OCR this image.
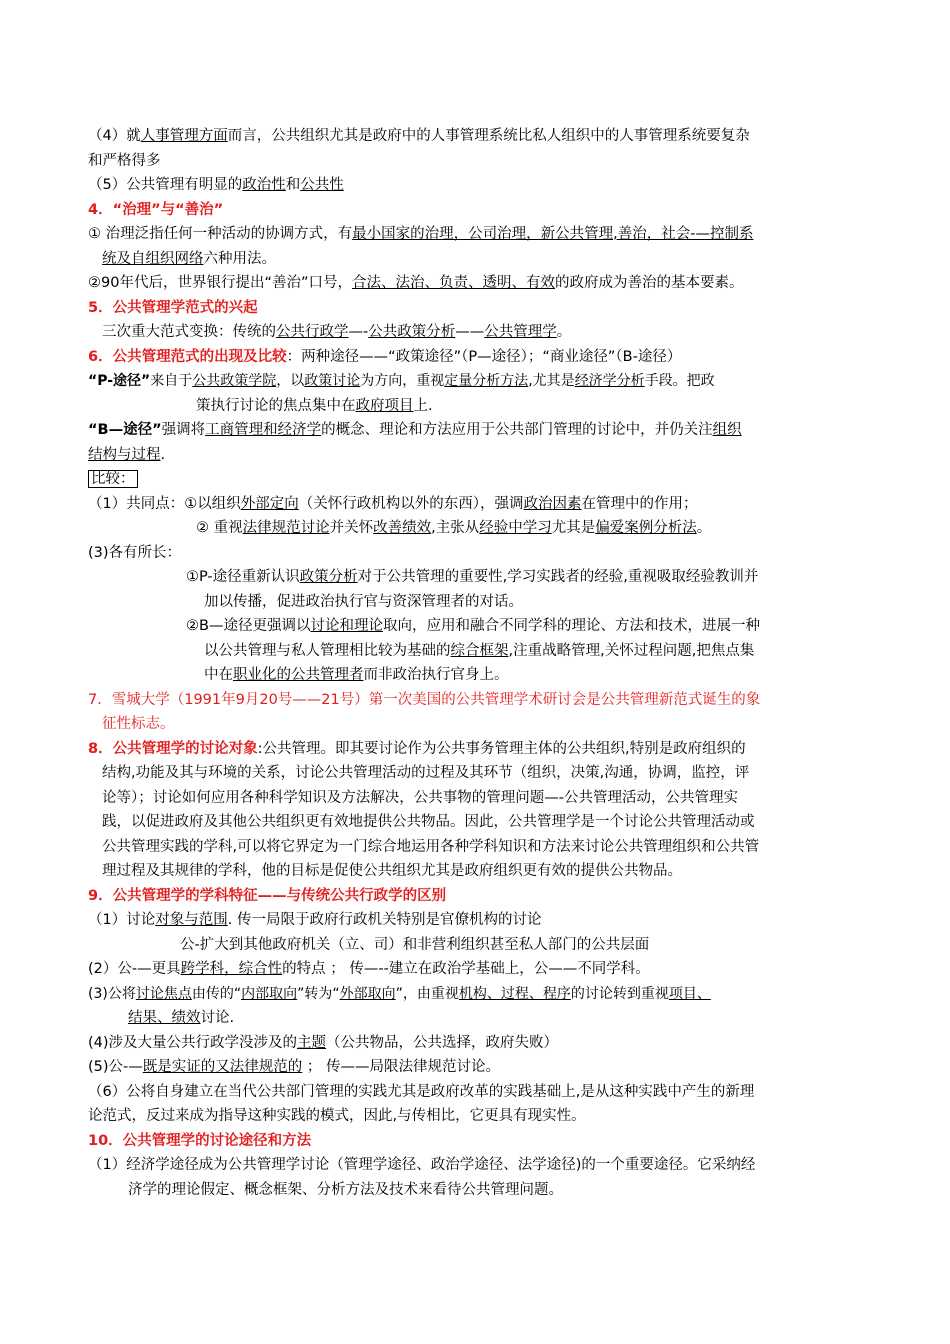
（4）就人事管理方面而言，公共组织尤其是政府中的人事管理系统比私人组织中的人事管理系统要复杂
和严格得多
（5）公共管理有明显的政治性和公共性
4．“治理”与“善治”
① 治理泛指任何一种活动的协调方式，有最小国家的治理，公司治理，新公共管理,善治，社会-—控制系
统及自组织网络六种用法。
②90年代后，世界银行提出“善治”口号，合法、法治、负责、透明、有效的政府成为善治的基本要素。
5．公共管理学范式的兴起
三次重大范式变换：传统的公共行政学—-公共政策分析——公共管理学。
6．公共管理范式的出现及比较：两种途径——“政策途径”（P—途径）；“商业途径”（B-途径）
“P-途径”来自于公共政策学院，以政策讨论为方向，重视定量分析方法,尤其是经济学分析手段。把政
策执行讨论的焦点集中在政府项目上.
“B—途径”强调将工商管理和经济学的概念、理论和方法应用于公共部门管理的讨论中，并仍关注组织
结构与过程.
比较：
（1）共同点：①以组织外部定向（关怀行政机构以外的东西），强调政治因素在管理中的作用；
② 重视法律规范讨论并关怀改善绩效,主张从经验中学习尤其是偏爱案例分析法。
(3)各有所长：
①P-途径重新认识政策分析对于公共管理的重要性,学习实践者的经验,重视吸取经验教训并
加以传播，促进政治执行官与资深管理者的对话。
②B—途径更强调以讨论和理论取向，应用和融合不同学科的理论、方法和技术，进展一种
以公共管理与私人管理相比较为基础的综合框架,注重战略管理,关怀过程问题,把焦点集
中在职业化的公共管理者而非政治执行官身上。
7．雪城大学（1991年9月20号——21号）第一次美国的公共管理学术研讨会是公共管理新范式诞生的象
征性标志。
8．公共管理学的讨论对象:公共管理。即其要讨论作为公共事务管理主体的公共组织,特别是政府组织的
结构,功能及其与环境的关系，讨论公共管理活动的过程及其环节（组织，决策,沟通，协调，监控，评
论等）；讨论如何应用各种科学知识及方法解决，公共事物的管理问题—-公共管理活动，公共管理实
践，以促进政府及其他公共组织更有效地提供公共物品。因此，公共管理学是一个讨论公共管理活动或
公共管理实践的学科,可以将它界定为一门综合地运用各种学科知识和方法来讨论公共管理组织和公共管
理过程及其规律的学科，他的目标是促使公共组织尤其是政府组织更有效的提供公共物品。
9．公共管理学的学科特征——与传统公共行政学的区别
（1）讨论对象与范围. 传一局限于政府行政机关特别是官僚机构的讨论
公-扩大到其他政府机关（立、司）和非营利组织甚至私人部门的公共层面
(2）公-—更具跨学科，综合性的特点 ； 传—--建立在政治学基础上，公——不同学科。
(3)公将讨论焦点由传的“内部取向”转为“外部取向”，由重视机构、过程、程序的讨论转到重视项目、
结果、绩效讨论.
(4)涉及大量公共行政学没涉及的主题（公共物品，公共选择，政府失败）
(5)公-—既是实证的又法律规范的 ； 传——局限法律规范讨论。
（6）公将自身建立在当代公共部门管理的实践尤其是政府改革的实践基础上,是从这种实践中产生的新理
论范式，反过来成为指导这种实践的模式，因此,与传相比，它更具有现实性。
10．公共管理学的讨论途径和方法
（1）经济学途径成为公共管理学讨论（管理学途径、政治学途径、法学途径)的一个重要途径。它采纳经
济学的理论假定、概念框架、分析方法及技术来看待公共管理问题。
